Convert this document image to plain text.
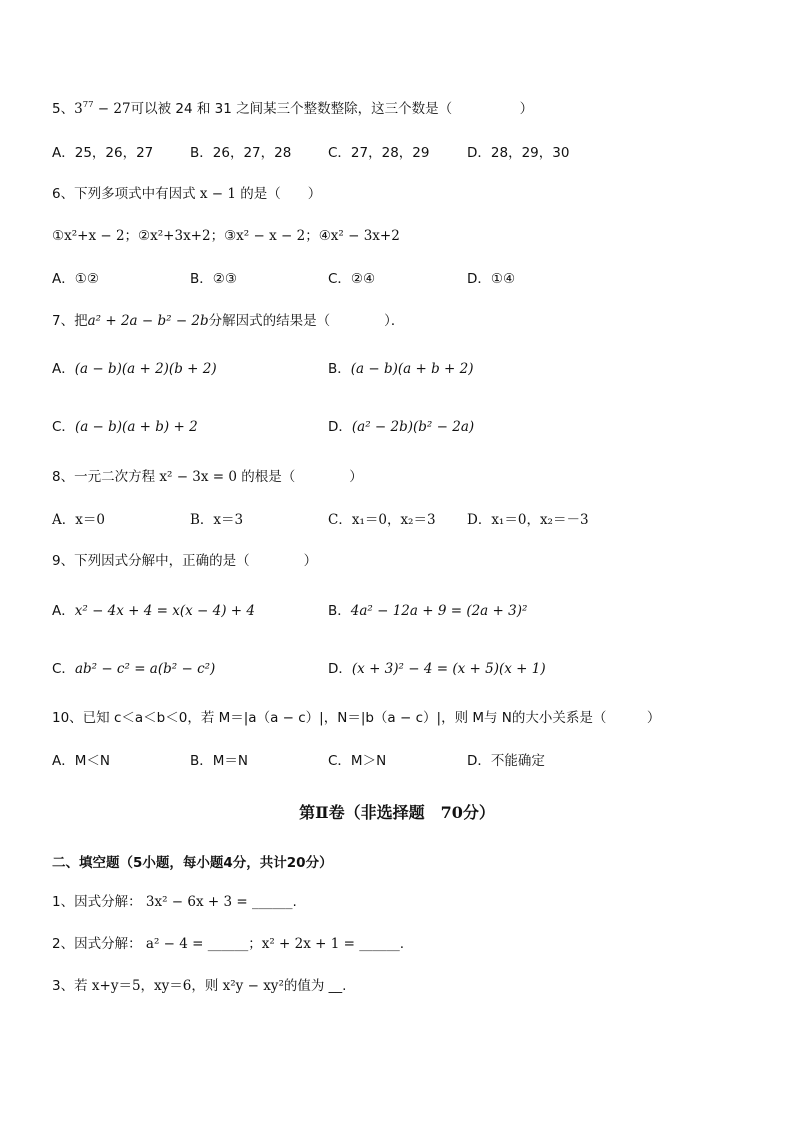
5、$3^{77} - 27$可以被 24 和 31 之间某三个整数整除，这三个数是（　　　　　）
A．25，26，27	B．26，27，28	C．27，28，29	D．28，29，30
6、下列多项式中有因式 x − 1 的是（　　）
①x²+x − 2；②x²+3x+2；③x² − x − 2；④x² − 3x+2
A．①②	B．②③	C．②④	D．①④
7、把a² + 2a − b² − 2b分解因式的结果是（　　　　）．
A．(a − b)(a + 2)(b + 2)	B．(a − b)(a + b + 2)
C．(a − b)(a + b) + 2	D．(a² − 2b)(b² − 2a)
8、一元二次方程 x² − 3x = 0 的根是（　　　　）
A．x＝0	B．x＝3	C．x₁＝0，x₂＝3 D．x₁＝0，x₂＝－3
9、下列因式分解中，正确的是（　　　　）
A．x² − 4x + 4 = x(x − 4) + 4	B．4a² − 12a + 9 = (2a + 3)²
C．ab² − c² = a(b² − c²)	D．(x + 3)² − 4 = (x + 5)(x + 1)
10、已知 c＜a＜b＜0，若 M＝|a（a − c）|，N＝|b（a − c）|，则 M与 N的大小关系是（　　　）
A．M＜N	B．M＝N	C．M＞N	D．不能确定
第Ⅱ卷（非选择题　70分）
二、填空题（5小题，每小题4分，共计20分）
1、因式分解： 3x² − 6x + 3 = ______.
2、因式分解： a² − 4 = ______；x² + 2x + 1 = ______.
3、若 x+y＝5，xy＝6，则 x²y − xy²的值为 __.
